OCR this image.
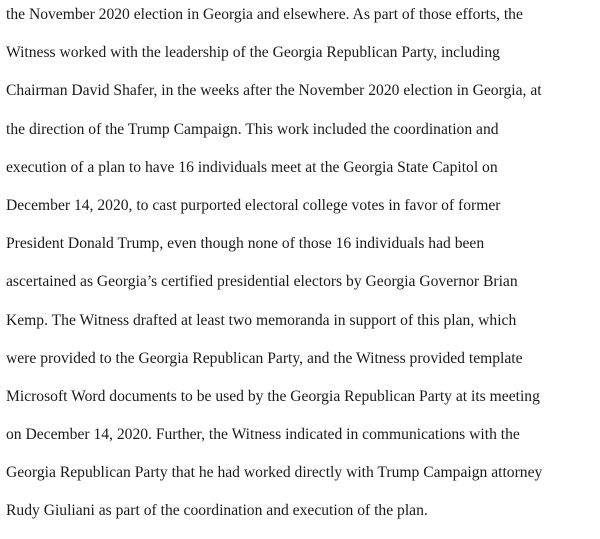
the November 2020 election in Georgia and elsewhere. As part of those efforts, the
Witness worked with the leadership of the Georgia Republican Party, including
Chairman David Shafer, in the weeks after the November 2020 election in Georgia, at
the direction of the Trump Campaign. This work included the coordination and
execution of a plan to have 16 individuals meet at the Georgia State Capitol on
December 14, 2020, to cast purported electoral college votes in favor of former
President Donald Trump, even though none of those 16 individuals had been
ascertained as Georgia’s certified presidential electors by Georgia Governor Brian
Kemp. The Witness drafted at least two memoranda in support of this plan, which
were provided to the Georgia Republican Party, and the Witness provided template
Microsoft Word documents to be used by the Georgia Republican Party at its meeting
on December 14, 2020. Further, the Witness indicated in communications with the
Georgia Republican Party that he had worked directly with Trump Campaign attorney
Rudy Giuliani as part of the coordination and execution of the plan.
